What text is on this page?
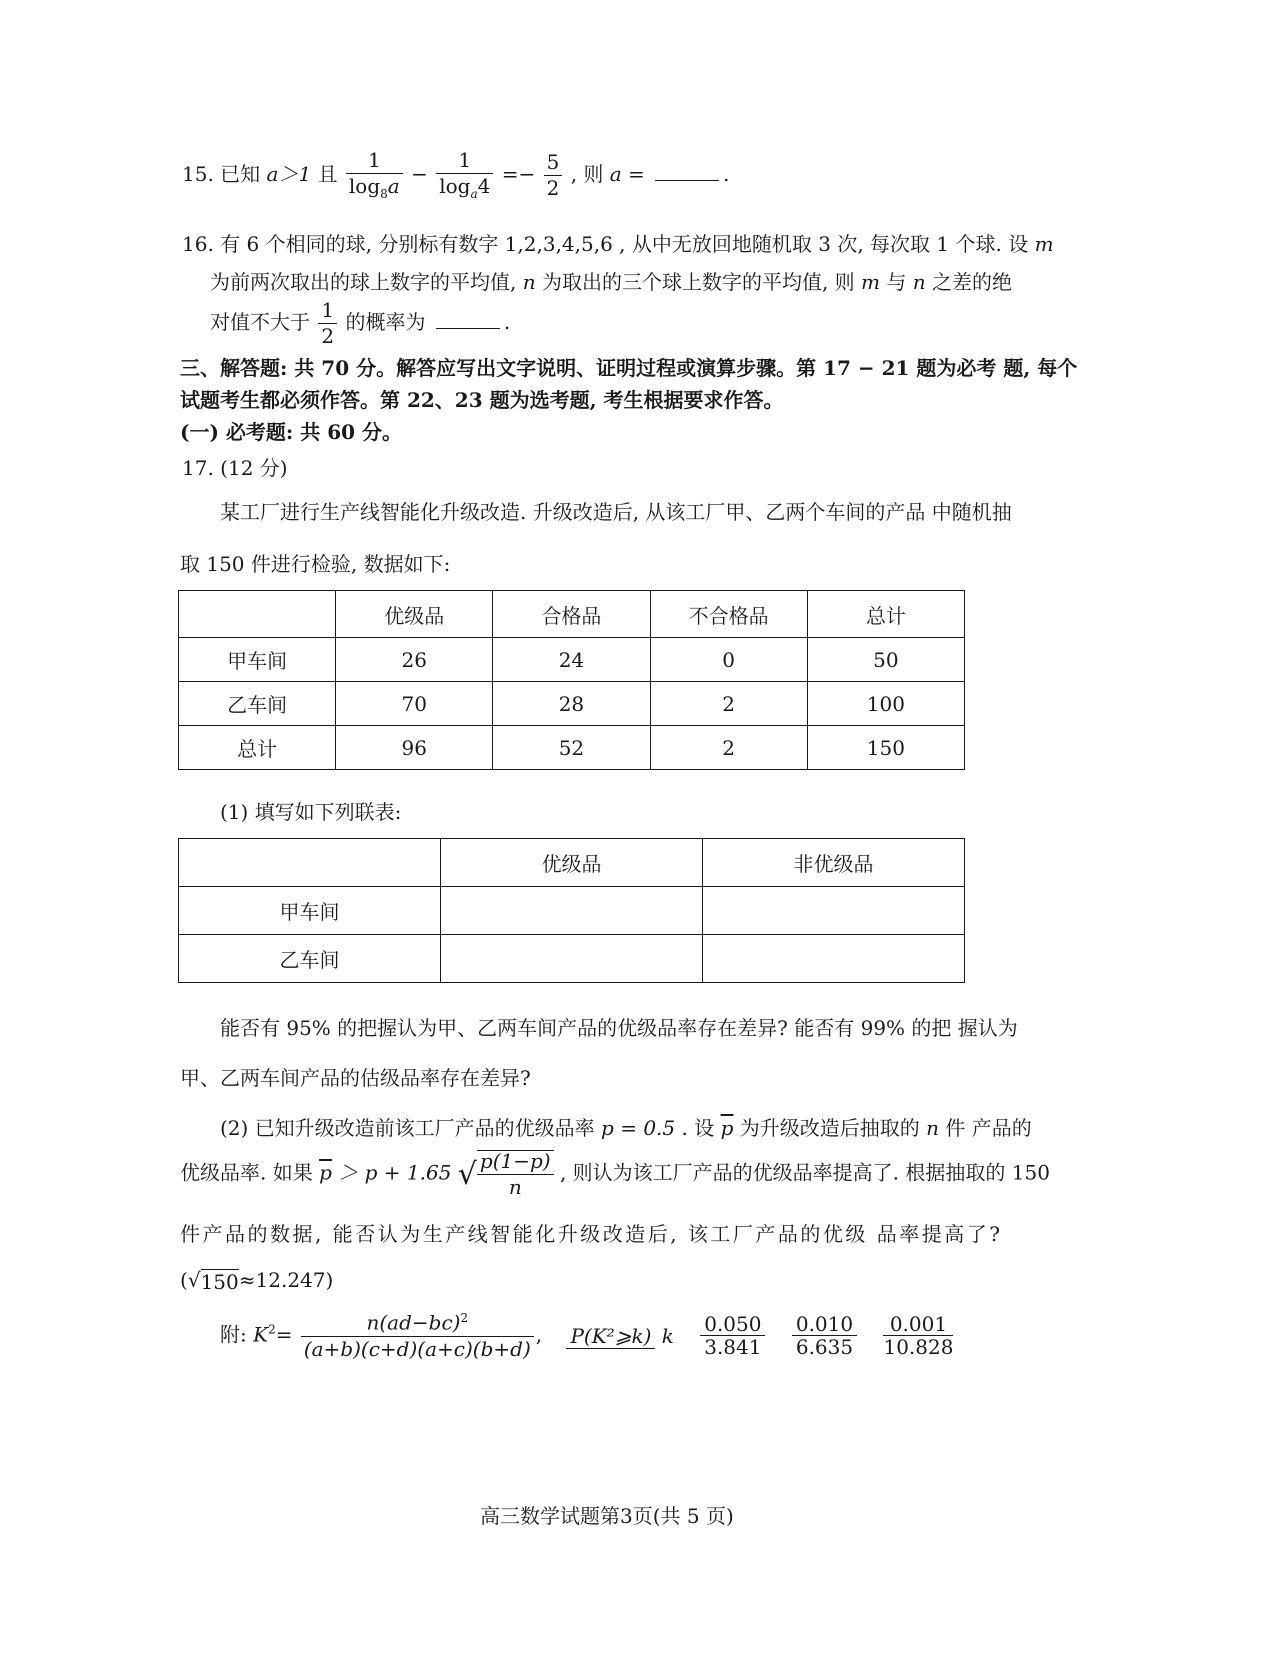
15. 已知 a＞1 且 $\frac{1}{\log_8a} - \frac{1}{\log_a4} =- \frac{5}{2}$ , 则 a =	.
16. 有 6 个相同的球, 分别标有数字 1,2,3,4,5,6 , 从中无放回地随机取 3 次, 每次取 1 个球. 设 m
为前两次取出的球上数字的平均值, n 为取出的三个球上数字的平均值, 则 m 与 n 之差的绝
对值不大于 $\frac{1}{2}$ 的概率为	.
三、解答题: 共 70 分。解答应写出文字说明、证明过程或演算步骤。第 17 − 21 题为必考 题, 每个
试题考生都必须作答。第 22、23 题为选考题, 考生根据要求作答。
(一) 必考题: 共 60 分。
17. (12 分)
某工厂进行生产线智能化升级改造. 升级改造后, 从该工厂甲、乙两个车间的产品 中随机抽
取 150 件进行检验, 数据如下:
	优级品	合格品	不合格品	总计
甲车间	26	24	0	50
乙车间	70	28	2	100
总计	96	52	2	150
(1) 填写如下列联表:
	优级品	非优级品
甲车间		
乙车间		
能否有 95% 的把握认为甲、乙两车间产品的优级品率存在差异? 能否有 99% 的把 握认为
甲、乙两车间产品的估级品率存在差异?
(2) 已知升级改造前该工厂产品的优级品率 p = 0.5 . 设 $\overline{p}$ 为升级改造后抽取的 n 件 产品的
优级品率. 如果 $\overline{p} > p + 1.65$ √ $\frac{p(1-p)}{n}$ , 则认为该工厂产品的优级品率提高了. 根据抽取的 150
件产品的数据, 能否认为生产线智能化升级改造后, 该工厂产品的优级 品率提高了?
(√150≈12.247)
附: $K^2= \frac{n(ad-bc)^2}{(a+b)(c+d)(a+c)(b+d)}$ , P(K²⩾k) k $\frac{0.050}{3.841}$
$\frac{0.010}{6.635}$
$\frac{0.001}{10.828}$
高三数学试题第3页(共 5 页)
